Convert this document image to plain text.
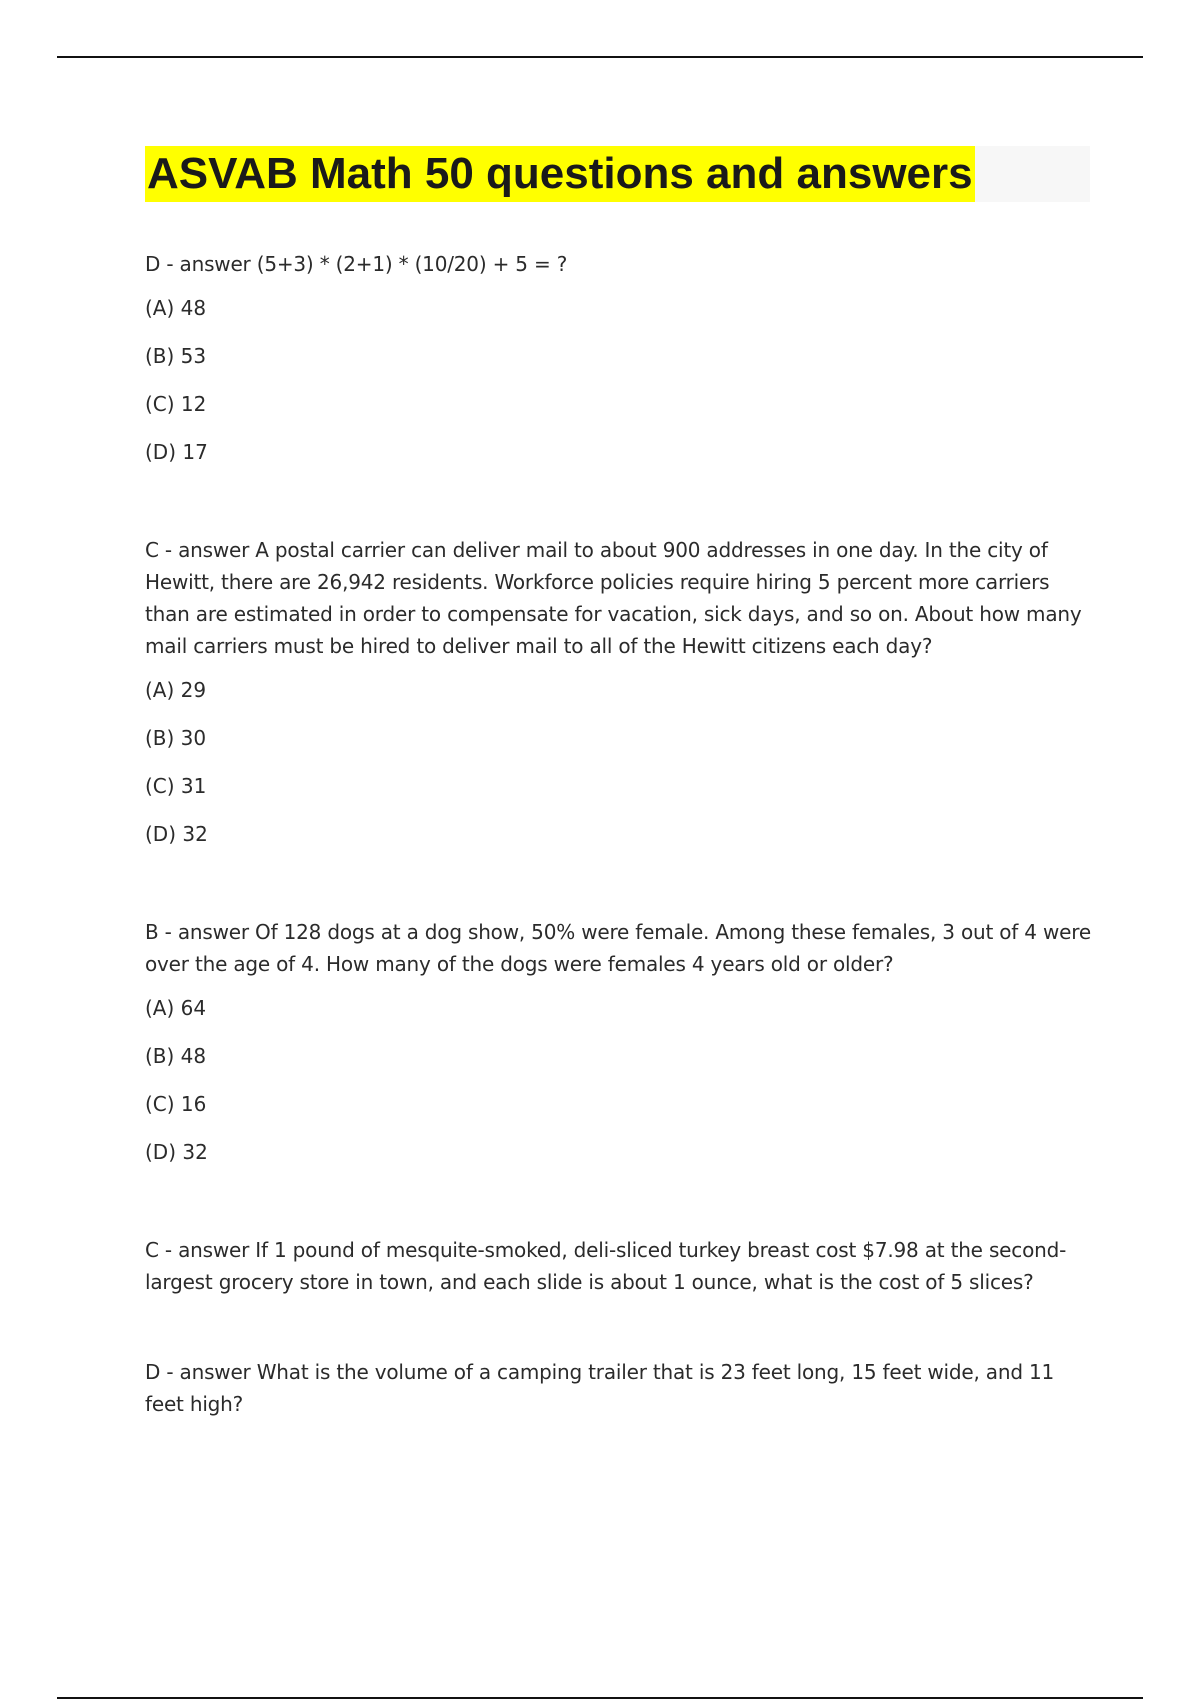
ASVAB Math 50 questions and answers

D - answer (5+3) * (2+1) * (10/20) + 5 = ?

(A) 48

(B) 53

(C) 12

(D) 17

C - answer A postal carrier can deliver mail to about 900 addresses in one day. In the city of Hewitt, there are 26,942 residents. Workforce policies require hiring 5 percent more carriers than are estimated in order to compensate for vacation, sick days, and so on. About how many mail carriers must be hired to deliver mail to all of the Hewitt citizens each day?

(A) 29

(B) 30

(C) 31

(D) 32

B - answer Of 128 dogs at a dog show, 50% were female. Among these females, 3 out of 4 were over the age of 4. How many of the dogs were females 4 years old or older?

(A) 64

(B) 48

(C) 16

(D) 32

C - answer If 1 pound of mesquite-smoked, deli-sliced turkey breast cost $7.98 at the second-largest grocery store in town, and each slide is about 1 ounce, what is the cost of 5 slices?

D - answer What is the volume of a camping trailer that is 23 feet long, 15 feet wide, and 11 feet high?
